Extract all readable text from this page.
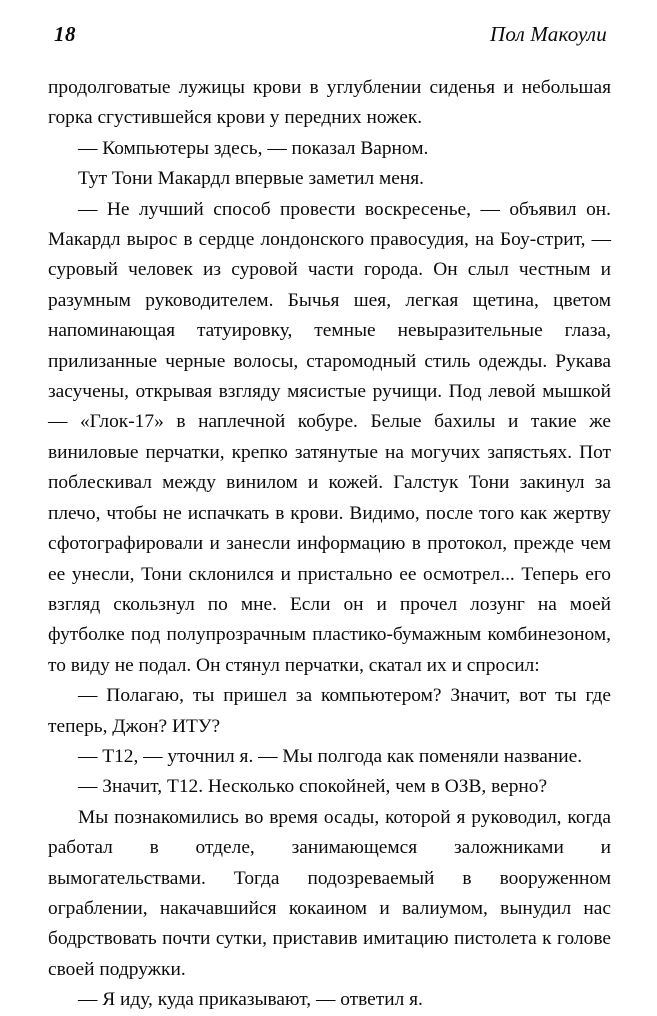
18	Пол Макоули

продолговатые лужицы крови в углублении сиденья и небольшая горка сгустившейся крови у передних ножек.

— Компьютеры здесь, — показал Варном.

Тут Тони Макардл впервые заметил меня.

— Не лучший способ провести воскресенье, — объявил он. Макардл вырос в сердце лондонского правосудия, на Боу-стрит, — суровый человек из суровой части города. Он слыл честным и разумным руководителем. Бычья шея, легкая щетина, цветом напоминающая татуировку, темные невыразительные глаза, прилизанные черные волосы, старомодный стиль одежды. Рукава засучены, открывая взгляду мясистые ручищи. Под левой мышкой — «Глок-17» в наплечной кобуре. Белые бахилы и такие же виниловые перчатки, крепко затянутые на могучих запястьях. Пот поблескивал между винилом и кожей. Галстук Тони закинул за плечо, чтобы не испачкать в крови. Видимо, после того как жертву сфотографировали и занесли информацию в протокол, прежде чем ее унесли, Тони склонился и пристально ее осмотрел... Теперь его взгляд скользнул по мне. Если он и прочел лозунг на моей футболке под полупрозрачным пластико-бумажным комбинезоном, то виду не подал. Он стянул перчатки, скатал их и спросил:

— Полагаю, ты пришел за компьютером? Значит, вот ты где теперь, Джон? ИТУ?

— Т12, — уточнил я. — Мы полгода как поменяли название.

— Значит, Т12. Несколько спокойней, чем в ОЗВ, верно?

Мы познакомились во время осады, которой я руководил, когда работал в отделе, занимающемся заложниками и вымогательствами. Тогда подозреваемый в вооруженном ограблении, накачавшийся кокаином и валиумом, вынудил нас бодрствовать почти сутки, приставив имитацию пистолета к голове своей подружки.

— Я иду, куда приказывают, — ответил я.
